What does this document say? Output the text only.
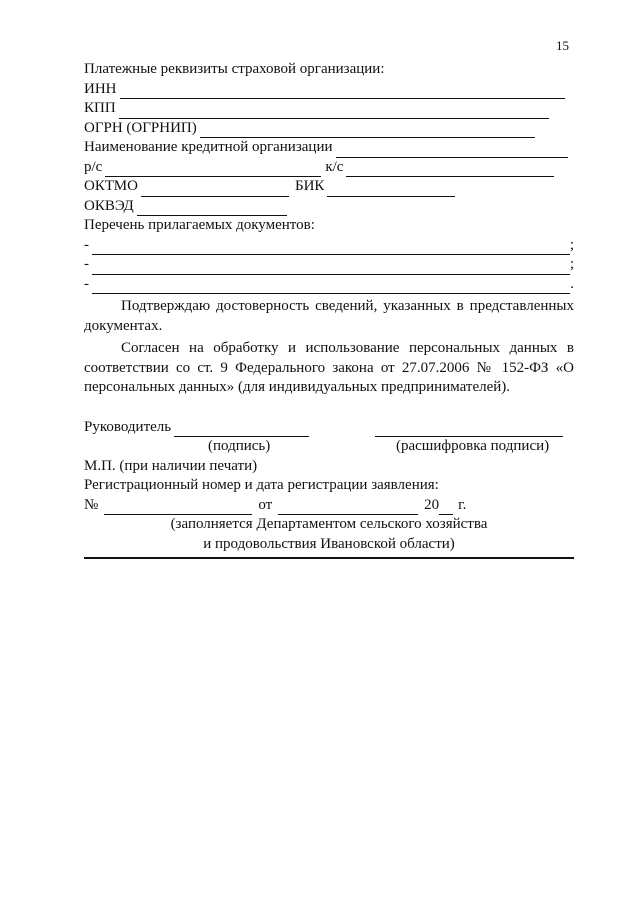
15
Платежные реквизиты страховой организации:
ИНН
КПП
ОГРН (ОГРНИП)
Наименование кредитной организации
р/с	к/с
ОКТМО	БИК
ОКВЭД
Перечень прилагаемых документов:
-	;
-	;
-	.

Подтверждаю достоверность сведений, указанных в представленных документах.

Согласен на обработку и использование персональных данных в соответствии со ст. 9 Федерального закона от 27.07.2006 № 152-ФЗ «О персональных данных» (для индивидуальных предпринимателей).

Руководитель
(подпись)	(расшифровка подписи)
М.П. (при наличии печати)
Регистрационный номер и дата регистрации заявления:
№	от	20 г.
(заполняется Департаментом сельского хозяйства
и продовольствия Ивановской области)
